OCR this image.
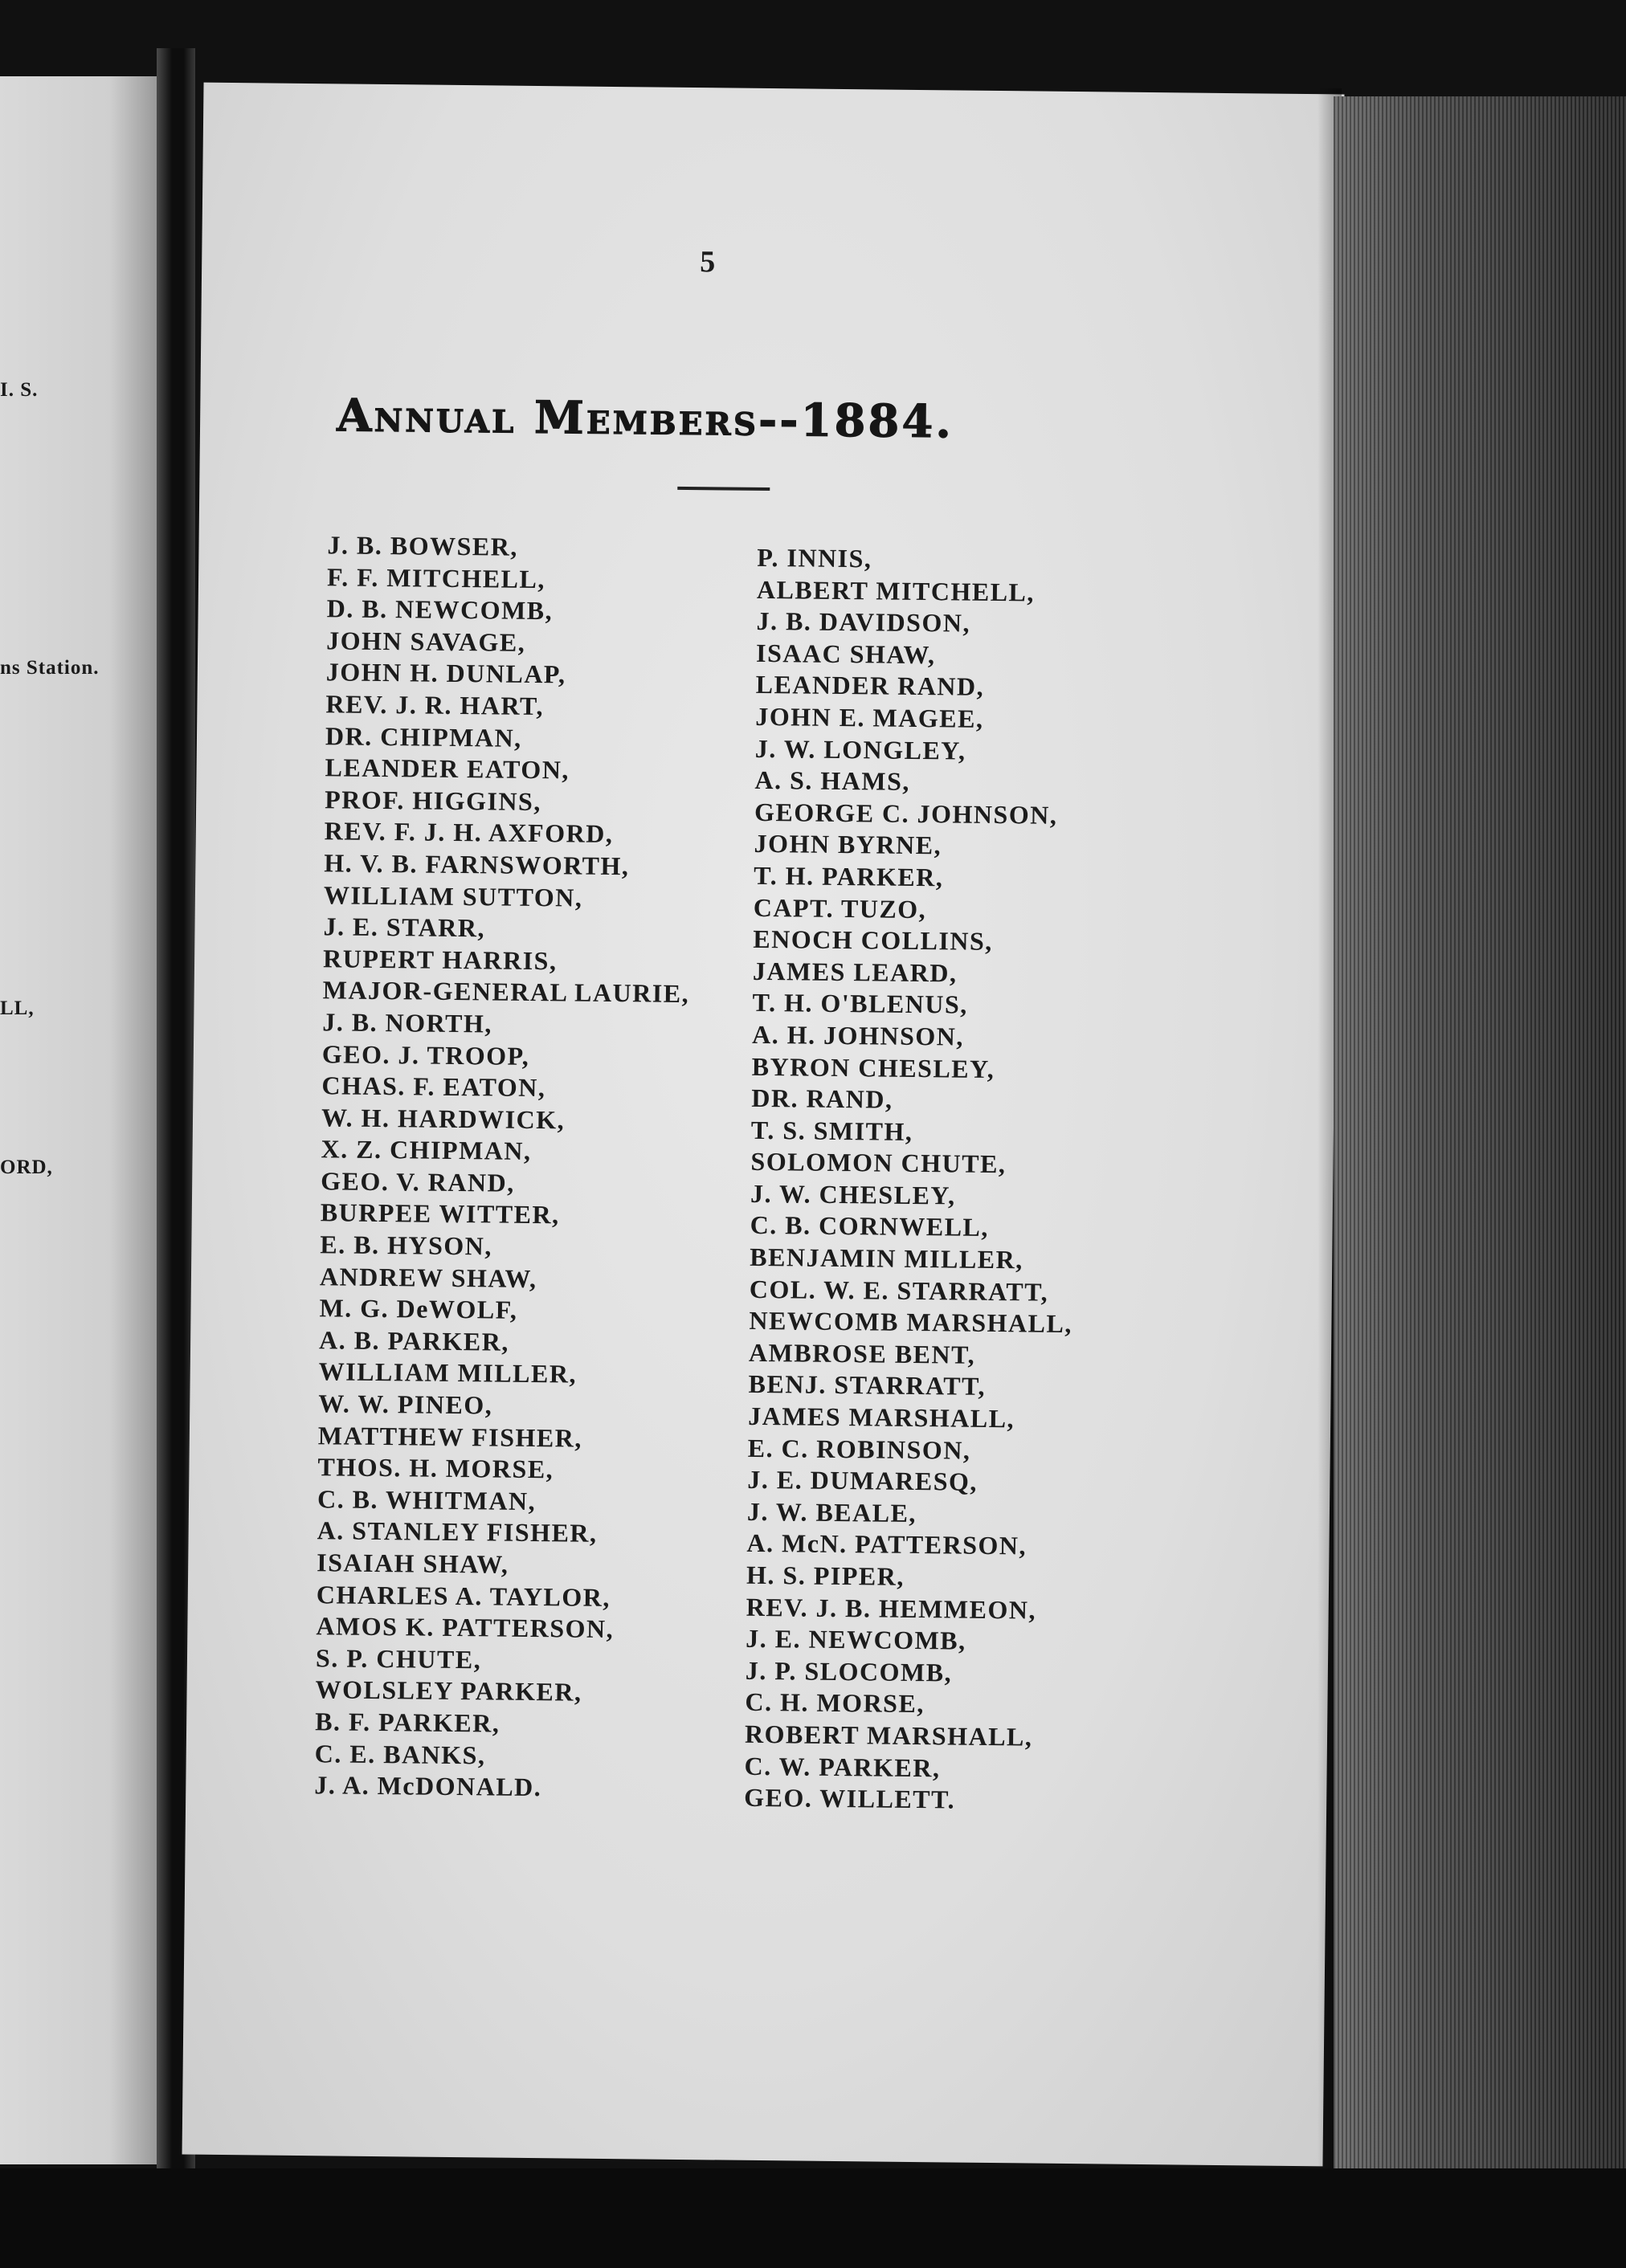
I. S.
ns Station.
LL,
ORD,
5
Annual Members--1884.
J. B. BOWSER,
F. F. MITCHELL,
D. B. NEWCOMB,
JOHN SAVAGE,
JOHN H. DUNLAP,
REV. J. R. HART,
DR. CHIPMAN,
LEANDER EATON,
PROF. HIGGINS,
REV. F. J. H. AXFORD,
H. V. B. FARNSWORTH,
WILLIAM SUTTON,
J. E. STARR,
RUPERT HARRIS,
MAJOR-GENERAL LAURIE,
J. B. NORTH,
GEO. J. TROOP,
CHAS. F. EATON,
W. H. HARDWICK,
X. Z. CHIPMAN,
GEO. V. RAND,
BURPEE WITTER,
E. B. HYSON,
ANDREW SHAW,
M. G. DeWOLF,
A. B. PARKER,
WILLIAM MILLER,
W. W. PINEO,
MATTHEW FISHER,
THOS. H. MORSE,
C. B. WHITMAN,
A. STANLEY FISHER,
ISAIAH SHAW,
CHARLES A. TAYLOR,
AMOS K. PATTERSON,
S. P. CHUTE,
WOLSLEY PARKER,
B. F. PARKER,
C. E. BANKS,
J. A. McDONALD.
P. INNIS,
ALBERT MITCHELL,
J. B. DAVIDSON,
ISAAC SHAW,
LEANDER RAND,
JOHN E. MAGEE,
J. W. LONGLEY,
A. S. HAMS,
GEORGE C. JOHNSON,
JOHN BYRNE,
T. H. PARKER,
CAPT. TUZO,
ENOCH COLLINS,
JAMES LEARD,
T. H. O'BLENUS,
A. H. JOHNSON,
BYRON CHESLEY,
DR. RAND,
T. S. SMITH,
SOLOMON CHUTE,
J. W. CHESLEY,
C. B. CORNWELL,
BENJAMIN MILLER,
COL. W. E. STARRATT,
NEWCOMB MARSHALL,
AMBROSE BENT,
BENJ. STARRATT,
JAMES MARSHALL,
E. C. ROBINSON,
J. E. DUMARESQ,
J. W. BEALE,
A. McN. PATTERSON,
H. S. PIPER,
REV. J. B. HEMMEON,
J. E. NEWCOMB,
J. P. SLOCOMB,
C. H. MORSE,
ROBERT MARSHALL,
C. W. PARKER,
GEO. WILLETT.
